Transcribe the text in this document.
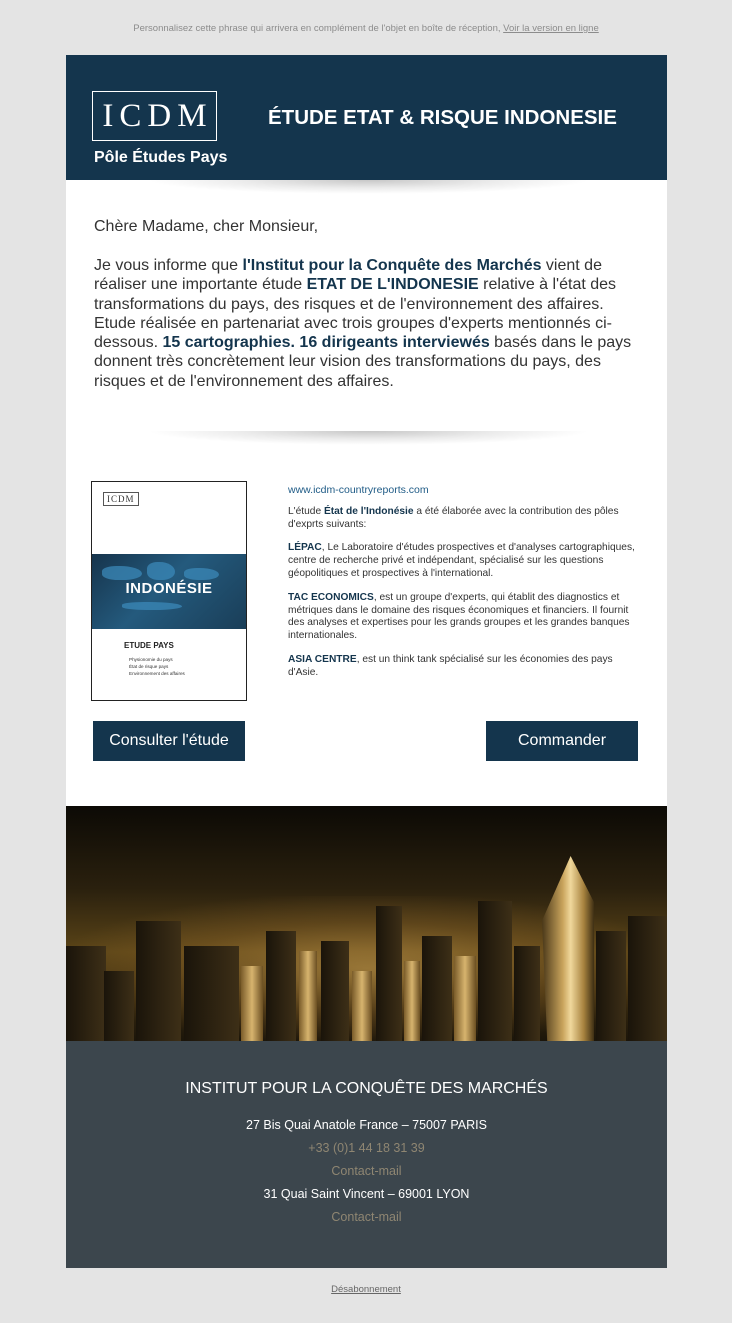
Personnalisez cette phrase qui arrivera en complément de l'objet en boîte de réception, Voir la version en ligne
ICDM
Pôle Études Pays
ÉTUDE ETAT & RISQUE INDONESIE
Chère Madame, cher Monsieur,
Je vous informe que l'Institut pour la Conquête des Marchés vient de réaliser une importante étude ETAT DE L'INDONESIE relative à l'état des transformations du pays, des risques et de l'environnement des affaires. Etude réalisée en partenariat avec trois groupes d'experts mentionnés ci-dessous. 15 cartographies. 16 dirigeants interviewés basés dans le pays donnent très concrètement leur vision des transformations du pays, des risques et de l'environnement des affaires.
ICDM
INDONÉSIE
ETUDE PAYS
Physionomie du pays
État de risque pays
Environnement des affaires
www.icdm-countryreports.com

L'étude État de l'Indonésie a été élaborée avec la contribution des pôles d'exprts suivants:

LÉPAC, Le Laboratoire d'études prospectives et d'analyses cartographiques, centre de recherche privé et indépendant, spécialisé sur les questions géopolitiques et prospectives à l'international.

TAC ECONOMICS, est un groupe d'experts, qui établit des diagnostics et métriques dans le domaine des risques économiques et financiers. Il fournit des analyses et expertises pour les grands groupes et les grandes banques internationales.

ASIA CENTRE, est un think tank spécialisé sur les économies des pays d'Asie.

Consulter l'étude	Commander
INSTITUT POUR LA CONQUÊTE DES MARCHÉS
27 Bis Quai Anatole France – 75007 PARIS
+33 (0)1 44 18 31 39
Contact-mail
31 Quai Saint Vincent – 69001 LYON
Contact-mail
Désabonnement
